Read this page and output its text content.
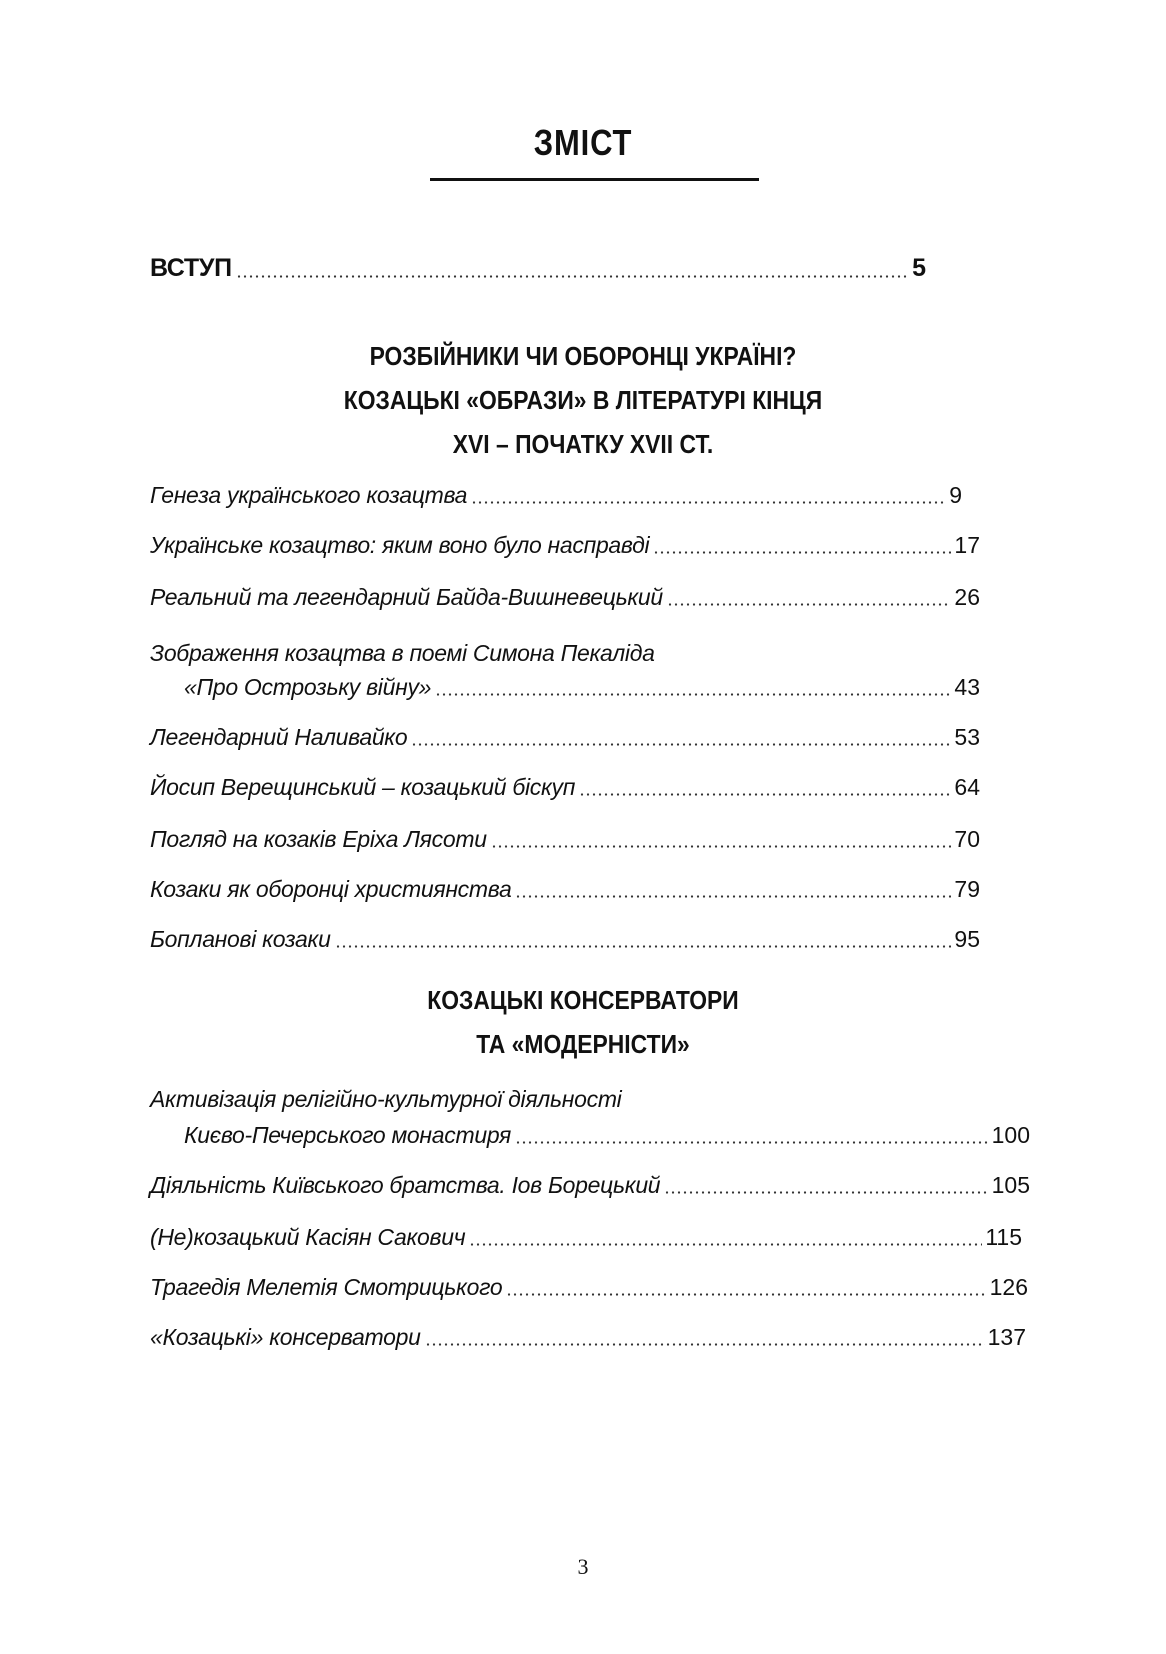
ЗМІСТ
ВСТУП	5
РОЗБІЙНИКИ ЧИ ОБОРОНЦІ УКРАЇНІ?
КОЗАЦЬКІ «ОБРАЗИ» В ЛІТЕРАТУРІ КІНЦЯ
XVI – ПОЧАТКУ XVII СТ.
Генеза українського козацтва	9
Українське козацтво: яким воно було насправді	17
Реальний та легендарний Байда-Вишневецький	26
Зображення козацтва в поемі Симона Пекаліда
«Про Острозьку війну»	43
Легендарний Наливайко	53
Йосип Верещинський – козацький біскуп	64
Погляд на козаків Еріха Лясоти	70
Козаки як оборонці християнства	79
Бопланові козаки	95
КОЗАЦЬКІ КОНСЕРВАТОРИ
ТА «МОДЕРНІСТИ»
Активізація релігійно-культурної діяльності
Києво-Печерського монастиря	100
Діяльність Київського братства. Іов Борецький	105
(Не)козацький Касіян Сакович	115
Трагедія Мелетія Смотрицького	126
«Козацькі» консерватори	137
3
